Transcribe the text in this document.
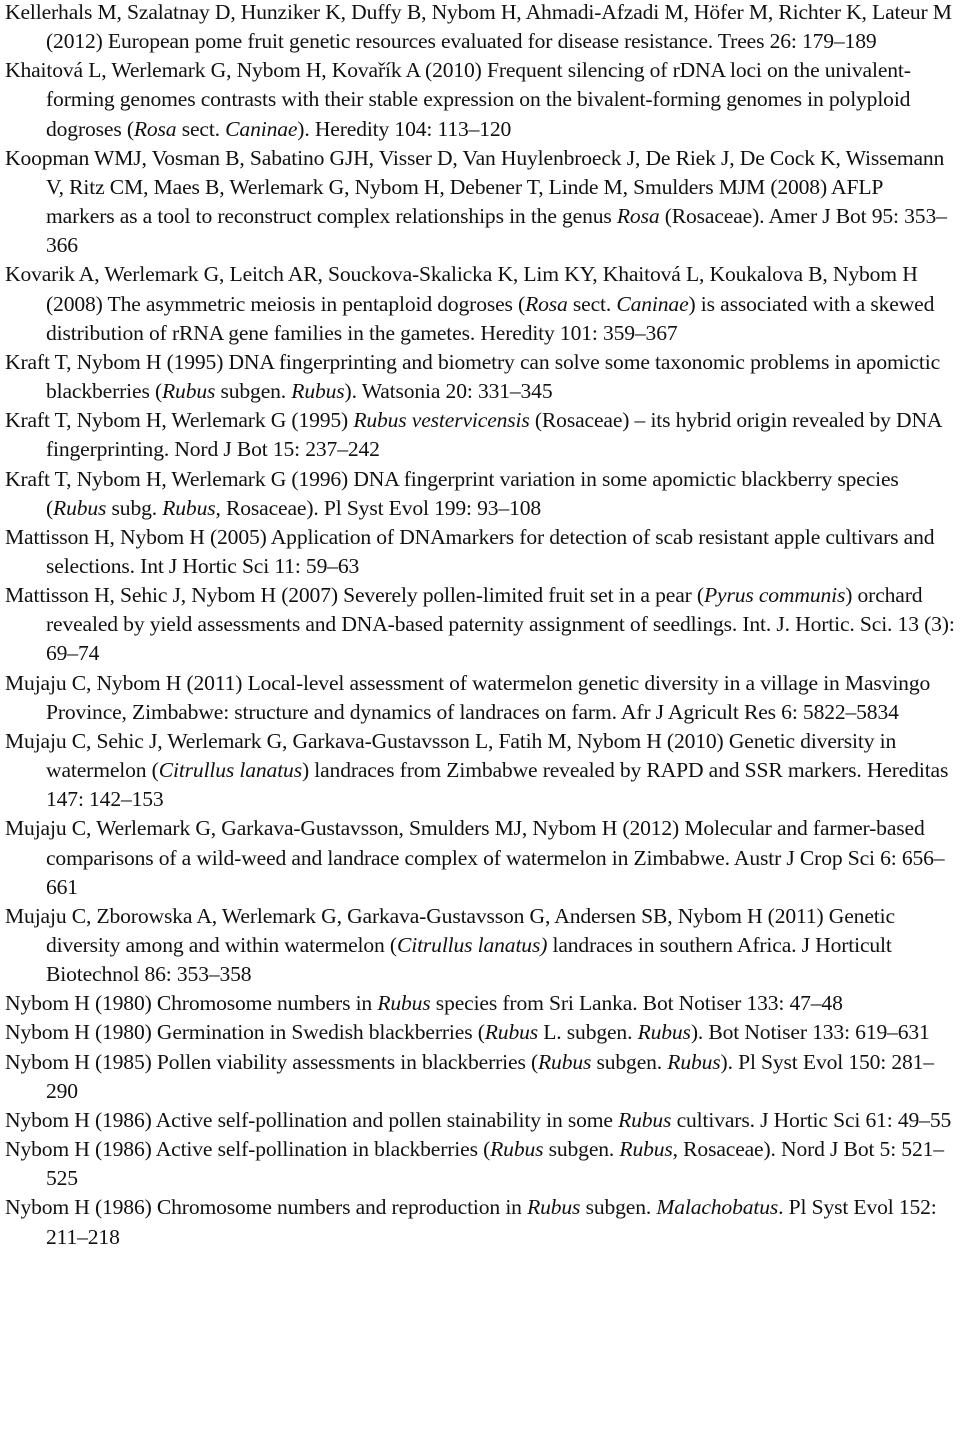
Kellerhals M, Szalatnay D, Hunziker K, Duffy B, Nybom H, Ahmadi-Afzadi M, Höfer M, Richter K, Lateur M (2012) European pome fruit genetic resources evaluated for disease resistance. Trees 26: 179–189
Khaitová L, Werlemark G, Nybom H, Kovařík A (2010) Frequent silencing of rDNA loci on the univalent-forming genomes contrasts with their stable expression on the bivalent-forming genomes in polyploid dogroses (Rosa sect. Caninae). Heredity 104: 113–120
Koopman WMJ, Vosman B, Sabatino GJH, Visser D, Van Huylenbroeck J, De Riek J, De Cock K, Wissemann V, Ritz CM, Maes B, Werlemark G, Nybom H, Debener T, Linde M, Smulders MJM (2008) AFLP markers as a tool to reconstruct complex relationships in the genus Rosa (Rosaceae). Amer J Bot 95: 353–366
Kovarik A, Werlemark G, Leitch AR, Souckova-Skalicka K, Lim KY, Khaitová L, Koukalova B, Nybom H (2008) The asymmetric meiosis in pentaploid dogroses (Rosa sect. Caninae) is associated with a skewed distribution of rRNA gene families in the gametes. Heredity 101: 359–367
Kraft T, Nybom H (1995) DNA fingerprinting and biometry can solve some taxonomic problems in apomictic blackberries (Rubus subgen. Rubus). Watsonia 20: 331–345
Kraft T, Nybom H, Werlemark G (1995) Rubus vestervicensis (Rosaceae) – its hybrid origin revealed by DNA fingerprinting. Nord J Bot 15: 237–242
Kraft T, Nybom H, Werlemark G (1996) DNA fingerprint variation in some apomictic blackberry species (Rubus subg. Rubus, Rosaceae). Pl Syst Evol 199: 93–108
Mattisson H, Nybom H (2005) Application of DNAmarkers for detection of scab resistant apple cultivars and selections. Int J Hortic Sci 11: 59–63
Mattisson H, Sehic J, Nybom H (2007) Severely pollen-limited fruit set in a pear (Pyrus communis) orchard revealed by yield assessments and DNA-based paternity assignment of seedlings. Int. J. Hortic. Sci. 13 (3): 69–74
Mujaju C, Nybom H (2011) Local-level assessment of watermelon genetic diversity in a village in Masvingo Province, Zimbabwe: structure and dynamics of landraces on farm. Afr J Agricult Res 6: 5822–5834
Mujaju C, Sehic J, Werlemark G, Garkava-Gustavsson L, Fatih M, Nybom H (2010) Genetic diversity in watermelon (Citrullus lanatus) landraces from Zimbabwe revealed by RAPD and SSR markers. Hereditas 147: 142–153
Mujaju C, Werlemark G, Garkava-Gustavsson, Smulders MJ, Nybom H (2012) Molecular and farmer-based comparisons of a wild-weed and landrace complex of watermelon in Zimbabwe. Austr J Crop Sci 6: 656–661
Mujaju C, Zborowska A, Werlemark G, Garkava-Gustavsson G, Andersen SB, Nybom H (2011) Genetic diversity among and within watermelon (Citrullus lanatus) landraces in southern Africa. J Horticult Biotechnol 86: 353–358
Nybom H (1980) Chromosome numbers in Rubus species from Sri Lanka. Bot Notiser 133: 47–48
Nybom H (1980) Germination in Swedish blackberries (Rubus L. subgen. Rubus). Bot Notiser 133: 619–631
Nybom H (1985) Pollen viability assessments in blackberries (Rubus subgen. Rubus). Pl Syst Evol 150: 281–290
Nybom H (1986) Active self-pollination and pollen stainability in some Rubus cultivars. J Hortic Sci 61: 49–55
Nybom H (1986) Active self-pollination in blackberries (Rubus subgen. Rubus, Rosaceae). Nord J Bot 5: 521–525
Nybom H (1986) Chromosome numbers and reproduction in Rubus subgen. Malachobatus. Pl Syst Evol 152: 211–218
